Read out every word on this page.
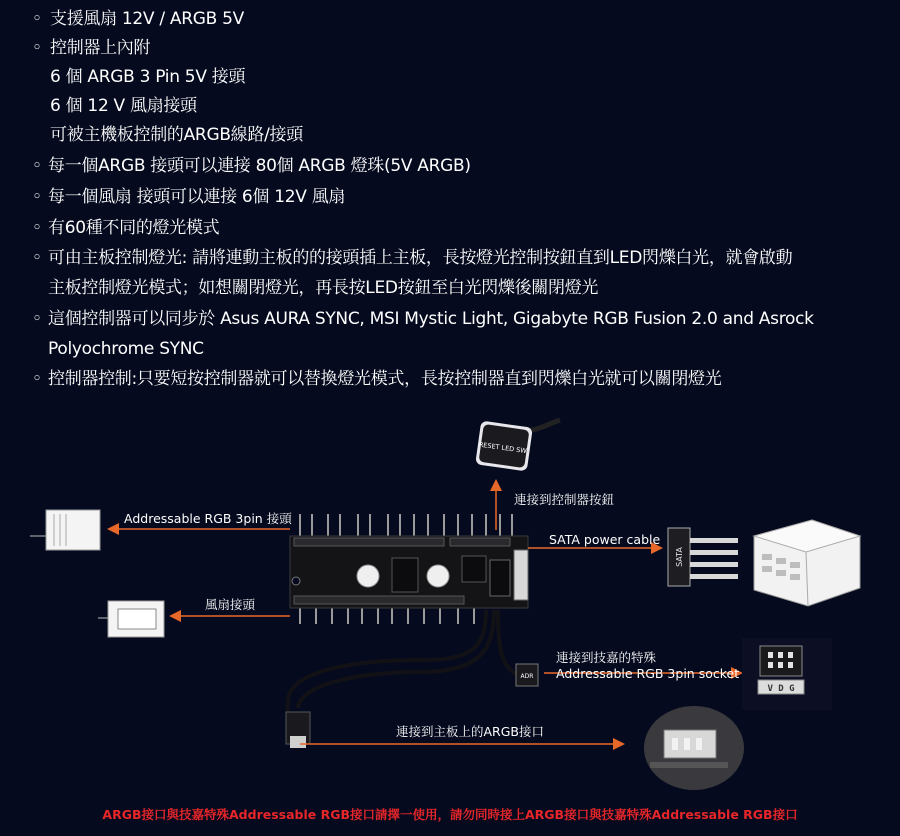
◦ 支援風扇 12V / ARGB 5V
◦ 控制器上內附
6 個 ARGB 3 Pin 5V 接頭
6 個 12 V 風扇接頭
可被主機板控制的ARGB線路/接頭
◦ 每一個ARGB 接頭可以連接 80個 ARGB 燈珠(5V ARGB)
◦ 每一個風扇 接頭可以連接 6個 12V 風扇
◦ 有60種不同的燈光模式
◦ 可由主板控制燈光: 請將連動主板的的接頭插上主板，長按燈光控制按鈕直到LED閃爍白光，就會啟動
主板控制燈光模式；如想關閉燈光，再長按LED按鈕至白光閃爍後關閉燈光
◦ 這個控制器可以同步於 Asus AURA SYNC, MSI Mystic Light, Gigabyte RGB Fusion 2.0 and Asrock
Polyochrome SYNC
◦ 控制器控制:只要短按控制器就可以替換燈光模式，長按控制器直到閃爍白光就可以關閉燈光
RESET LED SW
ADR
SATA
V D G
連接到控制器按鈕
Addressable RGB 3pin 接頭
SATA power cable
風扇接頭
連接到技嘉的特殊
Addressable RGB 3pin socket
連接到主板上的ARGB接口
ARGB接口與技嘉特殊Addressable RGB接口請擇一使用，請勿同時接上ARGB接口與技嘉特殊Addressable RGB接口
